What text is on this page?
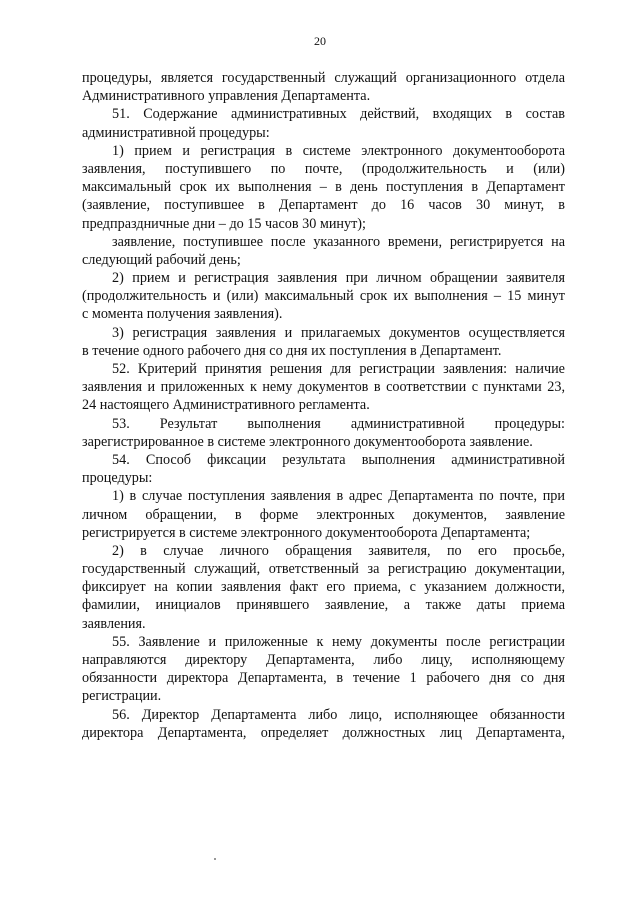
20
процедуры, является государственный служащий организационного отдела
Административного управления Департамента.
51. Содержание административных действий, входящих в состав
административной процедуры:
1) прием и регистрация в системе электронного документооборота
заявления, поступившего по почте, (продолжительность и (или)
максимальный срок их выполнения – в день поступления в Департамент
(заявление, поступившее в Департамент до 16 часов 30 минут, в
предпраздничные дни – до 15 часов 30 минут);
заявление, поступившее после указанного времени, регистрируется на
следующий рабочий день;
2) прием и регистрация заявления при личном обращении заявителя
(продолжительность и (или) максимальный срок их выполнения – 15 минут
с момента получения заявления).
3) регистрация заявления и прилагаемых документов осуществляется
в течение одного рабочего дня со дня их поступления в Департамент.
52. Критерий принятия решения для регистрации заявления: наличие
заявления и приложенных к нему документов в соответствии с пунктами 23,
24 настоящего Административного регламента.
53. Результат выполнения административной процедуры:
зарегистрированное в системе электронного документооборота заявление.
54. Способ фиксации результата выполнения административной
процедуры:
1) в случае поступления заявления в адрес Департамента по почте, при
личном обращении, в форме электронных документов, заявление
регистрируется в системе электронного документооборота Департамента;
2) в случае личного обращения заявителя, по его просьбе,
государственный служащий, ответственный за регистрацию документации,
фиксирует на копии заявления факт его приема, с указанием должности,
фамилии, инициалов принявшего заявление, а также даты приема
заявления.
55. Заявление и приложенные к нему документы после регистрации
направляются директору Департамента, либо лицу, исполняющему
обязанности директора Департамента, в течение 1 рабочего дня со дня
регистрации.
56. Директор Департамента либо лицо, исполняющее обязанности
директора Департамента, определяет должностных лиц Департамента,
